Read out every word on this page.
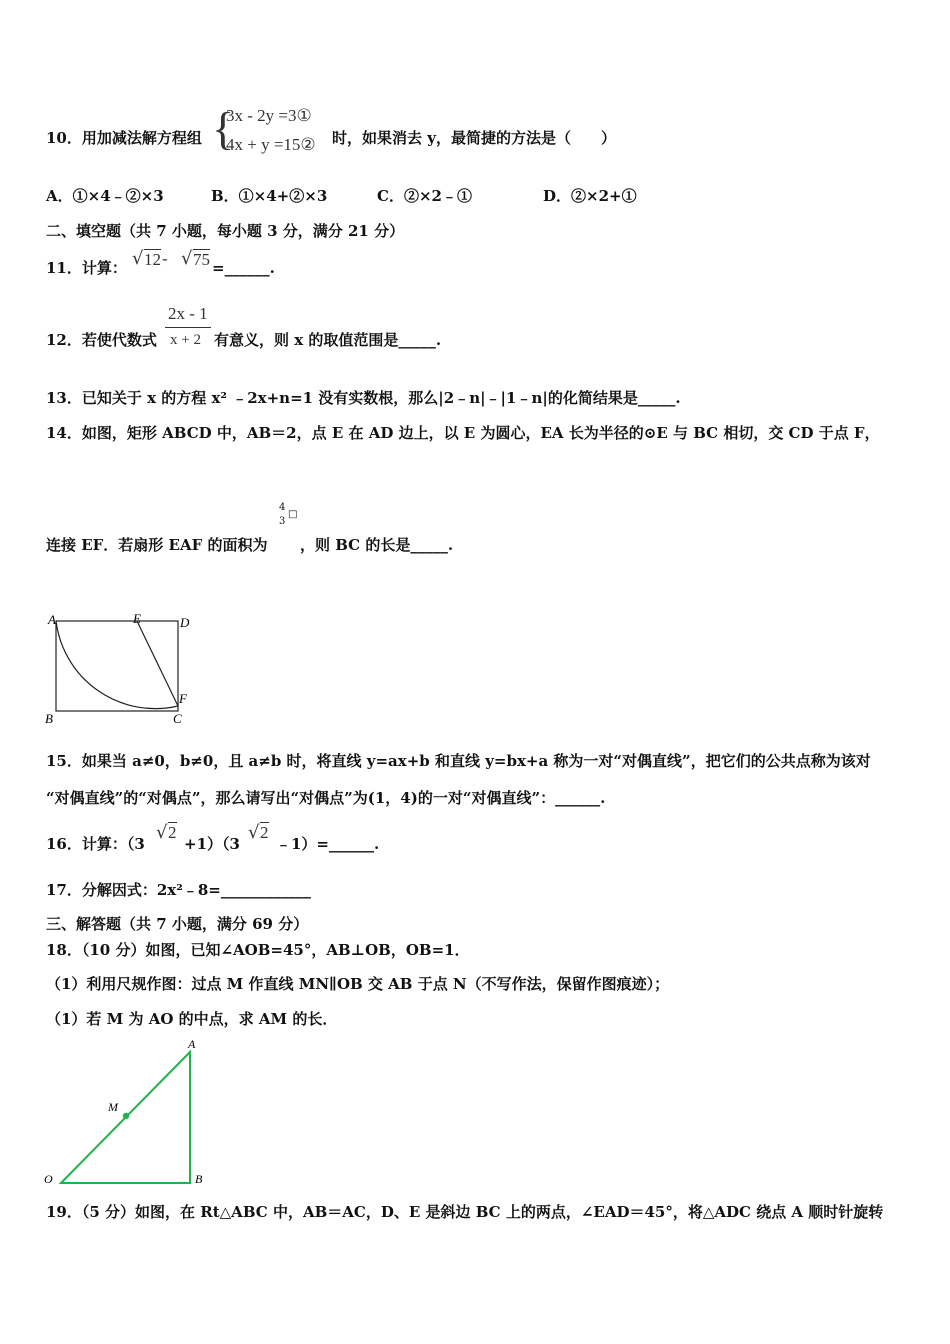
10．用加减法解方程组 {
3x - 2y =3①
4x + y =15② 时，如果消去 y，最简捷的方法是（　　）
A．①×4﹣②×3	B．①×4+②×3	C．②×2﹣①	D．②×2+①
二、填空题（共 7 小题，每小题 3 分，满分 21 分）
11．计算： √ 12 - √ 75 =______.
12．若使代数式
2x - 1
x + 2 有意义，则 x 的取值范围是_____.
13．已知关于 x 的方程 x² ﹣2x+n=1 没有实数根，那么|2﹣n|﹣|1﹣n|的化简结果是_____.
14．如图，矩形 ABCD 中，AB＝2，点 E 在 AD 边上，以 E 为圆心，EA 长为半径的⊙E 与 BC 相切，交 CD 于点 F，
4
3
□
连接 EF．若扇形 EAF 的面积为 ，则 BC 的长是_____.
A	E	D
F
B	C
15．如果当 a≠0，b≠0，且 a≠b 时，将直线 y=ax+b 和直线 y=bx+a 称为一对“对偶直线”，把它们的公共点称为该对
“对偶直线”的“对偶点”，那么请写出“对偶点”为(1，4)的一对“对偶直线”：______.
16．计算：（3
√ 2
+1）（3
√ 2
﹣1）=______.
17．分解因式：2x²﹣8=____________
三、解答题（共 7 小题，满分 69 分）
18．（10 分）如图，已知∠AOB=45°，AB⊥OB，OB=1．
（1）利用尺规作图：过点 M 作直线 MN∥OB 交 AB 于点 N（不写作法，保留作图痕迹）；
（1）若 M 为 AO 的中点，求 AM 的长．
A
M
O	B
19．（5 分）如图，在 Rt△ABC 中，AB＝AC，D、E 是斜边 BC 上的两点，∠EAD＝45°，将△ADC 绕点 A 顺时针旋转
